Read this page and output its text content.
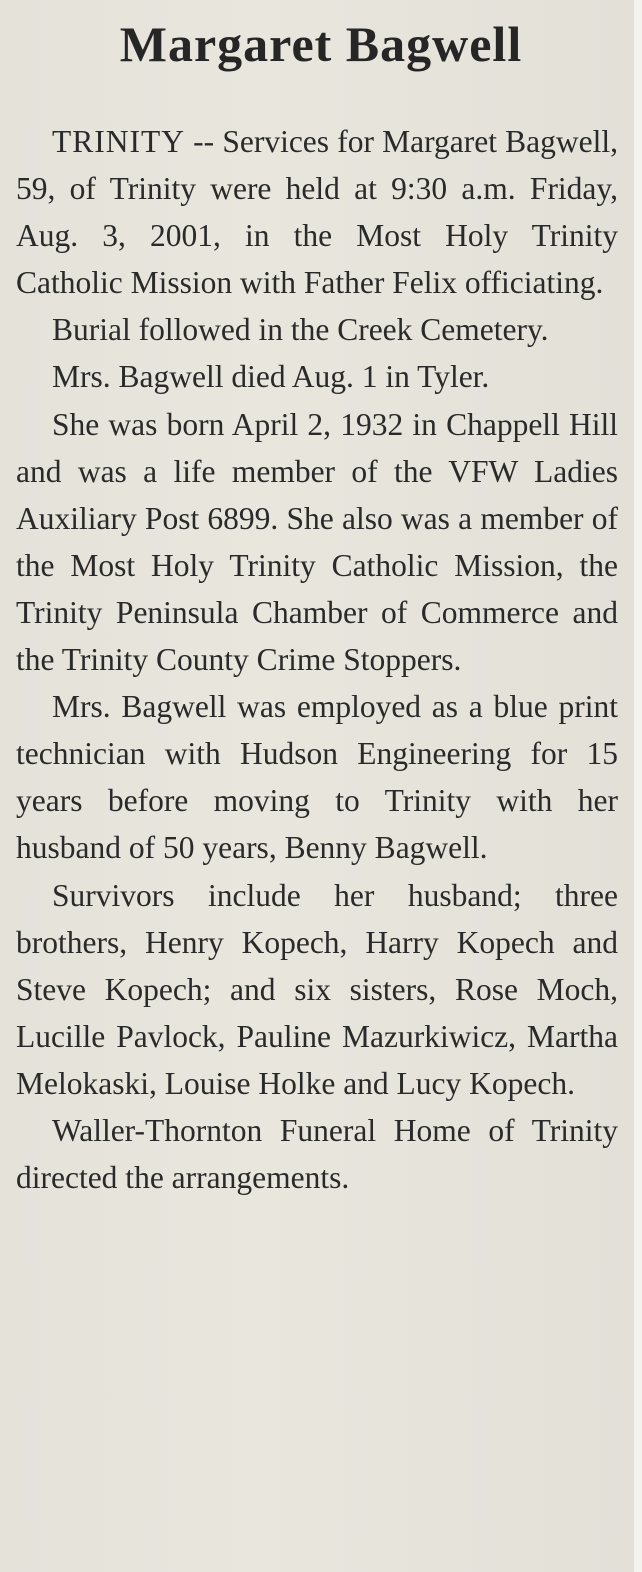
Margaret Bagwell

TRINITY -- Services for Margaret Bagwell, 59, of Trinity were held at 9:30 a.m. Friday, Aug. 3, 2001, in the Most Holy Trinity Catholic Mission with Father Felix officiating.

Burial followed in the Creek Cemetery.

Mrs. Bagwell died Aug. 1 in Tyler.

She was born April 2, 1932 in Chappell Hill and was a life member of the VFW Ladies Auxiliary Post 6899. She also was a member of the Most Holy Trinity Catholic Mission, the Trinity Peninsula Chamber of Commerce and the Trinity County Crime Stoppers.

Mrs. Bagwell was employed as a blue print technician with Hudson Engineering for 15 years before moving to Trinity with her husband of 50 years, Benny Bagwell.

Survivors include her husband; three brothers, Henry Kopech, Harry Kopech and Steve Kopech; and six sisters, Rose Moch, Lucille Pavlock, Pauline Mazurkiwicz, Martha Melokaski, Louise Holke and Lucy Kopech.

Waller-Thornton Funeral Home of Trinity directed the arrangements.
